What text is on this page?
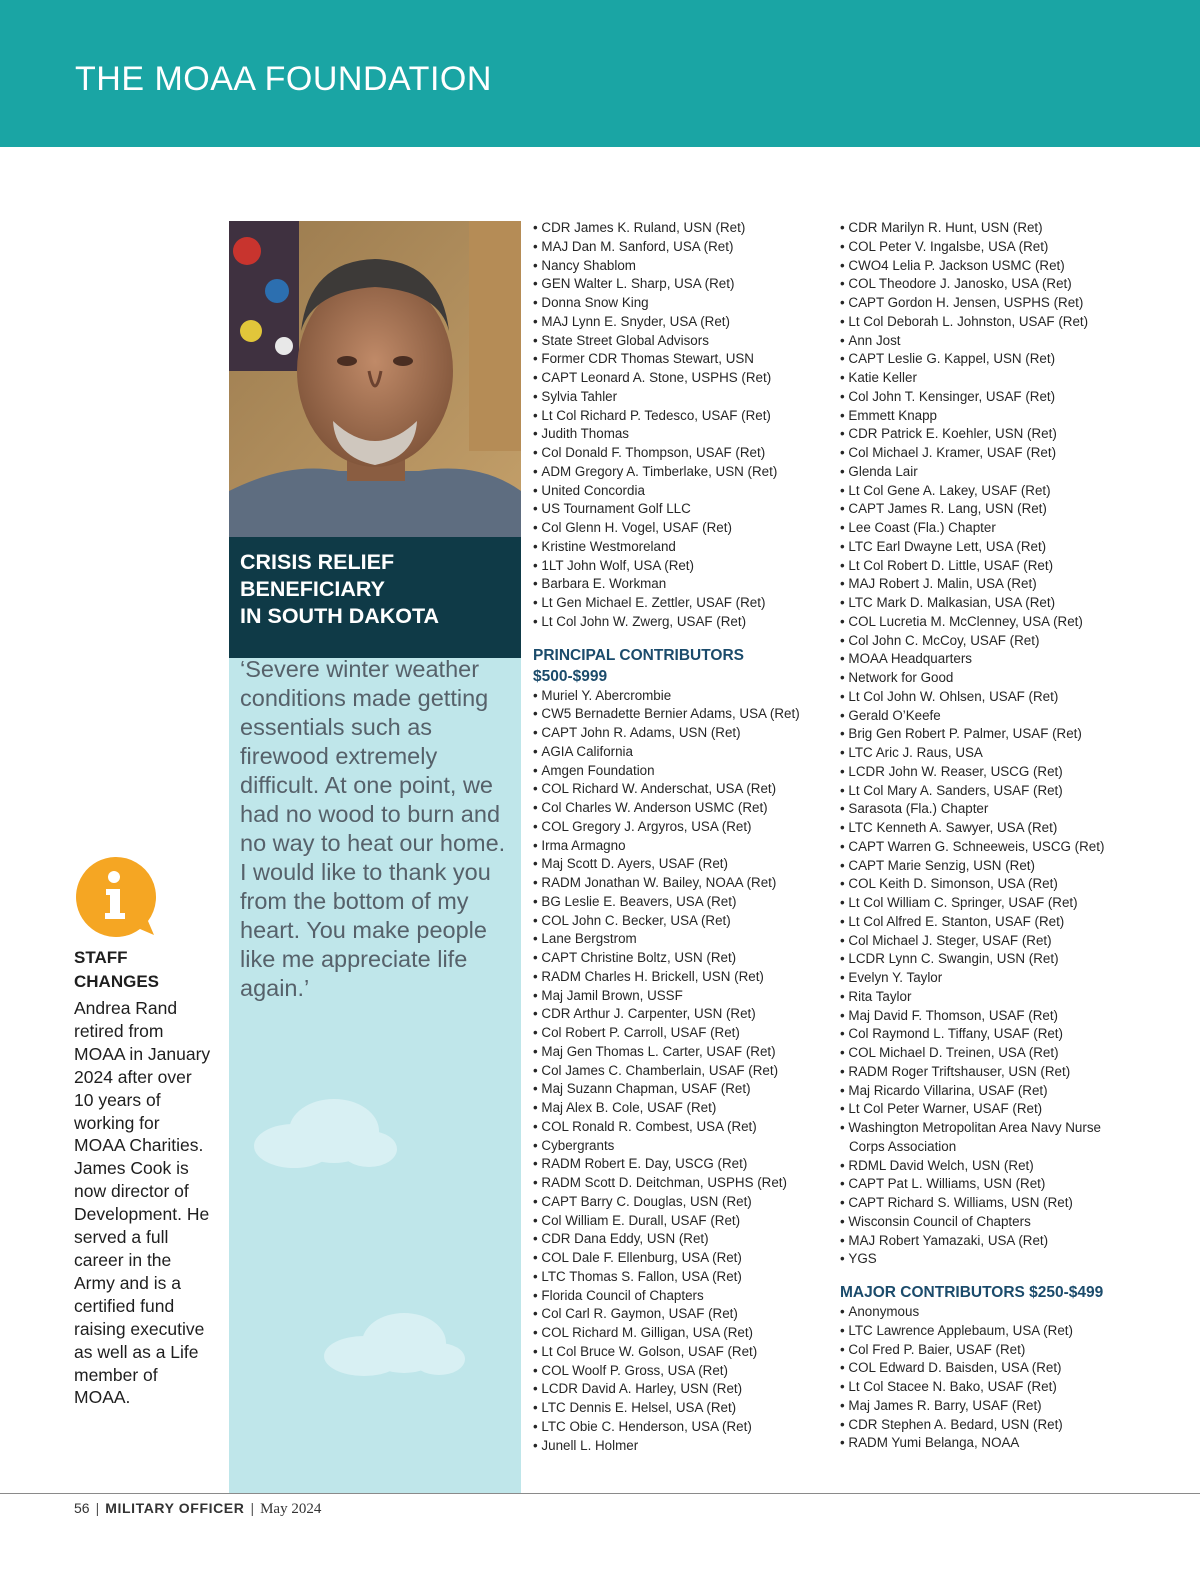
THE MOAA FOUNDATION
STAFF CHANGES
Andrea Rand retired from MOAA in January 2024 after over 10 years of working for MOAA Charities. James Cook is now director of Development. He served a full career in the Army and is a certified fund raising executive as well as a Life member of MOAA.
CRISIS RELIEF
BENEFICIARY
IN SOUTH DAKOTA
‘Severe winter weather conditions made getting essentials such as firewood extremely difficult. At one point, we had no wood to burn and no way to heat our home. I would like to thank you from the bottom of my heart. You make people like me appreciate life again.’
• CDR James K. Ruland, USN (Ret)
• MAJ Dan M. Sanford, USA (Ret)
• Nancy Shablom
• GEN Walter L. Sharp, USA (Ret)
• Donna Snow King
• MAJ Lynn E. Snyder, USA (Ret)
• State Street Global Advisors
• Former CDR Thomas Stewart, USN
• CAPT Leonard A. Stone, USPHS (Ret)
• Sylvia Tahler
• Lt Col Richard P. Tedesco, USAF (Ret)
• Judith Thomas
• Col Donald F. Thompson, USAF (Ret)
• ADM Gregory A. Timberlake, USN (Ret)
• United Concordia
• US Tournament Golf LLC
• Col Glenn H. Vogel, USAF (Ret)
• Kristine Westmoreland
• 1LT John Wolf, USA (Ret)
• Barbara E. Workman
• Lt Gen Michael E. Zettler, USAF (Ret)
• Lt Col John W. Zwerg, USAF (Ret)
PRINCIPAL CONTRIBUTORS
$500-$999
• Muriel Y. Abercrombie
• CW5 Bernadette Bernier Adams, USA (Ret)
• CAPT John R. Adams, USN (Ret)
• AGIA California
• Amgen Foundation
• COL Richard W. Anderschat, USA (Ret)
• Col Charles W. Anderson USMC (Ret)
• COL Gregory J. Argyros, USA (Ret)
• Irma Armagno
• Maj Scott D. Ayers, USAF (Ret)
• RADM Jonathan W. Bailey, NOAA (Ret)
• BG Leslie E. Beavers, USA (Ret)
• COL John C. Becker, USA (Ret)
• Lane Bergstrom
• CAPT Christine Boltz, USN (Ret)
• RADM Charles H. Brickell, USN (Ret)
• Maj Jamil Brown, USSF
• CDR Arthur J. Carpenter, USN (Ret)
• Col Robert P. Carroll, USAF (Ret)
• Maj Gen Thomas L. Carter, USAF (Ret)
• Col James C. Chamberlain, USAF (Ret)
• Maj Suzann Chapman, USAF (Ret)
• Maj Alex B. Cole, USAF (Ret)
• COL Ronald R. Combest, USA (Ret)
• Cybergrants
• RADM Robert E. Day, USCG (Ret)
• RADM Scott D. Deitchman, USPHS (Ret)
• CAPT Barry C. Douglas, USN (Ret)
• Col William E. Durall, USAF (Ret)
• CDR Dana Eddy, USN (Ret)
• COL Dale F. Ellenburg, USA (Ret)
• LTC Thomas S. Fallon, USA (Ret)
• Florida Council of Chapters
• Col Carl R. Gaymon, USAF (Ret)
• COL Richard M. Gilligan, USA (Ret)
• Lt Col Bruce W. Golson, USAF (Ret)
• COL Woolf P. Gross, USA (Ret)
• LCDR David A. Harley, USN (Ret)
• LTC Dennis E. Helsel, USA (Ret)
• LTC Obie C. Henderson, USA (Ret)
• Junell L. Holmer
• CDR Marilyn R. Hunt, USN (Ret)
• COL Peter V. Ingalsbe, USA (Ret)
• CWO4 Lelia P. Jackson USMC (Ret)
• COL Theodore J. Janosko, USA (Ret)
• CAPT Gordon H. Jensen, USPHS (Ret)
• Lt Col Deborah L. Johnston, USAF (Ret)
• Ann Jost
• CAPT Leslie G. Kappel, USN (Ret)
• Katie Keller
• Col John T. Kensinger, USAF (Ret)
• Emmett Knapp
• CDR Patrick E. Koehler, USN (Ret)
• Col Michael J. Kramer, USAF (Ret)
• Glenda Lair
• Lt Col Gene A. Lakey, USAF (Ret)
• CAPT James R. Lang, USN (Ret)
• Lee Coast (Fla.) Chapter
• LTC Earl Dwayne Lett, USA (Ret)
• Lt Col Robert D. Little, USAF (Ret)
• MAJ Robert J. Malin, USA (Ret)
• LTC Mark D. Malkasian, USA (Ret)
• COL Lucretia M. McClenney, USA (Ret)
• Col John C. McCoy, USAF (Ret)
• MOAA Headquarters
• Network for Good
• Lt Col John W. Ohlsen, USAF (Ret)
• Gerald O’Keefe
• Brig Gen Robert P. Palmer, USAF (Ret)
• LTC Aric J. Raus, USA
• LCDR John W. Reaser, USCG (Ret)
• Lt Col Mary A. Sanders, USAF (Ret)
• Sarasota (Fla.) Chapter
• LTC Kenneth A. Sawyer, USA (Ret)
• CAPT Warren G. Schneeweis, USCG (Ret)
• CAPT Marie Senzig, USN (Ret)
• COL Keith D. Simonson, USA (Ret)
• Lt Col William C. Springer, USAF (Ret)
• Lt Col Alfred E. Stanton, USAF (Ret)
• Col Michael J. Steger, USAF (Ret)
• LCDR Lynn C. Swangin, USN (Ret)
• Evelyn Y. Taylor
• Rita Taylor
• Maj David F. Thomson, USAF (Ret)
• Col Raymond L. Tiffany, USAF (Ret)
• COL Michael D. Treinen, USA (Ret)
• RADM Roger Triftshauser, USN (Ret)
• Maj Ricardo Villarina, USAF (Ret)
• Lt Col Peter Warner, USAF (Ret)
• Washington Metropolitan Area Navy Nurse Corps Association
• RDML David Welch, USN (Ret)
• CAPT Pat L. Williams, USN (Ret)
• CAPT Richard S. Williams, USN (Ret)
• Wisconsin Council of Chapters
• MAJ Robert Yamazaki, USA (Ret)
• YGS
MAJOR CONTRIBUTORS $250-$499
• Anonymous
• LTC Lawrence Applebaum, USA (Ret)
• Col Fred P. Baier, USAF (Ret)
• COL Edward D. Baisden, USA (Ret)
• Lt Col Stacee N. Bako, USAF (Ret)
• Maj James R. Barry, USAF (Ret)
• CDR Stephen A. Bedard, USN (Ret)
• RADM Yumi Belanga, NOAA
56 | MILITARY OFFICER | May 2024
